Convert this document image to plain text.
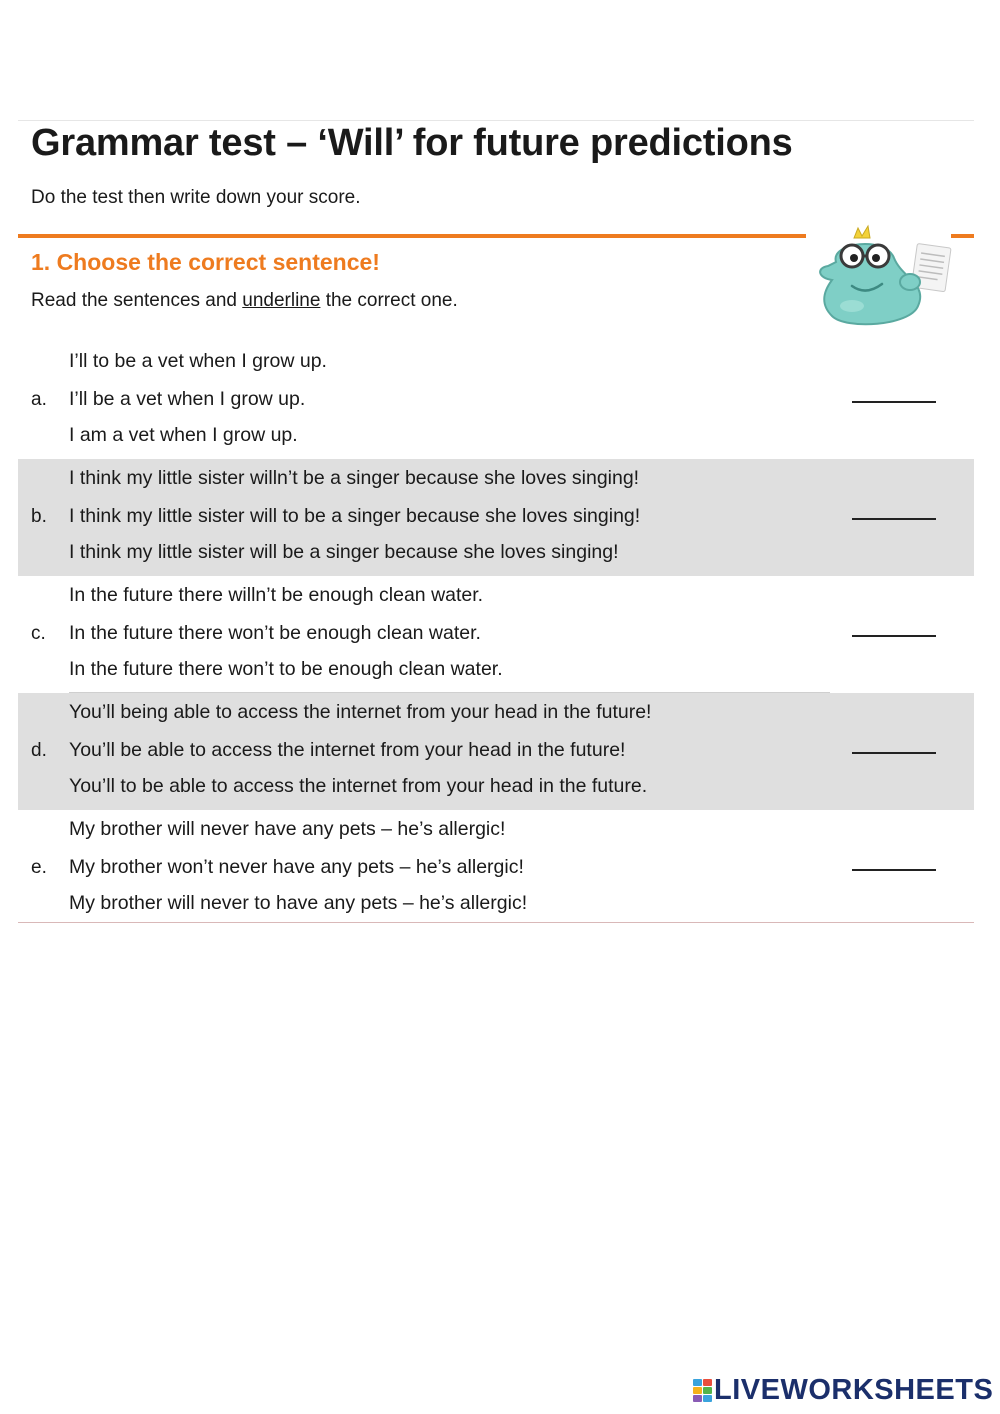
Grammar test – ‘Will’ for future predictions
Do the test then write down your score.
1. Choose the correct sentence!
Read the sentences and underline the correct one.
I’ll to be a vet when I grow up.
a. I’ll be a vet when I grow up.
I am a vet when I grow up.
I think my little sister willn’t be a singer because she loves singing!
b. I think my little sister will to be a singer because she loves singing!
I think my little sister will be a singer because she loves singing!
In the future there willn’t be enough clean water.
c. In the future there won’t be enough clean water.
In the future there won’t to be enough clean water.
You’ll being able to access the internet from your head in the future!
d. You’ll be able to access the internet from your head in the future!
You’ll to be able to access the internet from your head in the future.
My brother will never have any pets – he’s allergic!
e. My brother won’t never have any pets – he’s allergic!
My brother will never to have any pets – he’s allergic!
LIVEWORKSHEETS
